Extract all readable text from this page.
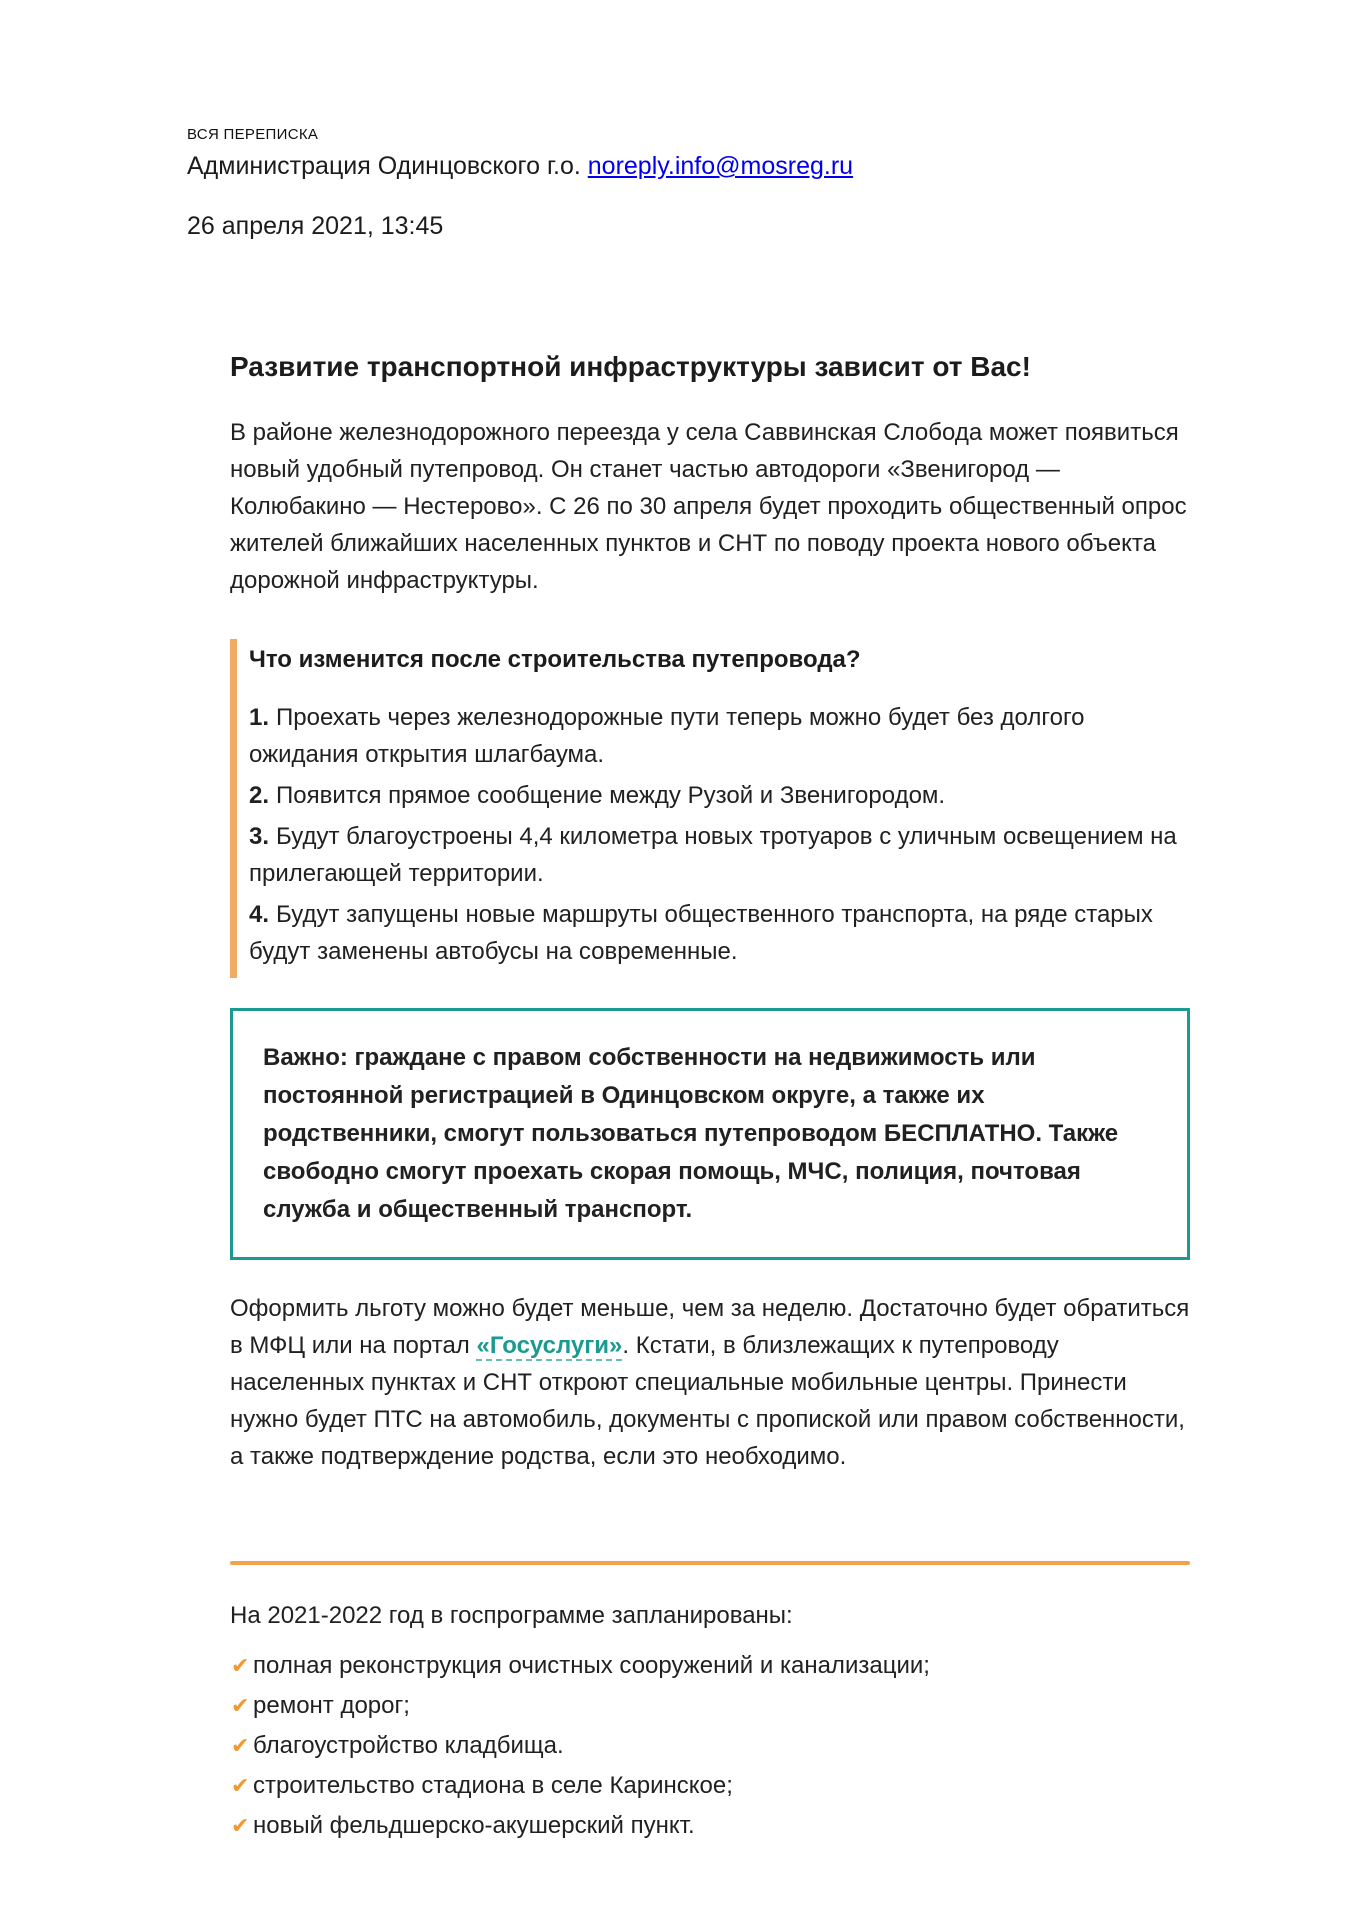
ВСЯ ПЕРЕПИСКА
Администрация Одинцовского г.о. noreply.info@mosreg.ru
26 апреля 2021, 13:45
Развитие транспортной инфраструктуры зависит от Вас!

В районе железнодорожного переезда у села Саввинская Слобода может появиться новый удобный путепровод. Он станет частью автодороги «Звенигород — Колюбакино — Нестерово». С 26 по 30 апреля будет проходить общественный опрос жителей ближайших населенных пунктов и СНТ по поводу проекта нового объекта дорожной инфраструктуры.

Что изменится после строительства путепровода?

1. Проехать через железнодорожные пути теперь можно будет без долгого ожидания открытия шлагбаума.

2. Появится прямое сообщение между Рузой и Звенигородом.

3. Будут благоустроены 4,4 километра новых тротуаров с уличным освещением на прилегающей территории.

4. Будут запущены новые маршруты общественного транспорта, на ряде старых будут заменены автобусы на современные.

Важно: граждане с правом собственности на недвижимость или постоянной регистрацией в Одинцовском округе, а также их родственники, смогут пользоваться путепроводом БЕСПЛАТНО. Также свободно смогут проехать скорая помощь, МЧС, полиция, почтовая служба и общественный транспорт.

Оформить льготу можно будет меньше, чем за неделю. Достаточно будет обратиться в МФЦ или на портал «Госуслуги». Кстати, в близлежащих к путепроводу населенных пунктах и СНТ откроют специальные мобильные центры. Принести нужно будет ПТС на автомобиль, документы с пропиской или правом собственности, а также подтверждение родства, если это необходимо.

На 2021-2022 год в госпрограмме запланированы:

✔ полная реконструкция очистных сооружений и канализации;
✔ ремонт дорог;
✔ благоустройство кладбища.
✔ строительство стадиона в селе Каринское;
✔ новый фельдшерско-акушерский пункт.
